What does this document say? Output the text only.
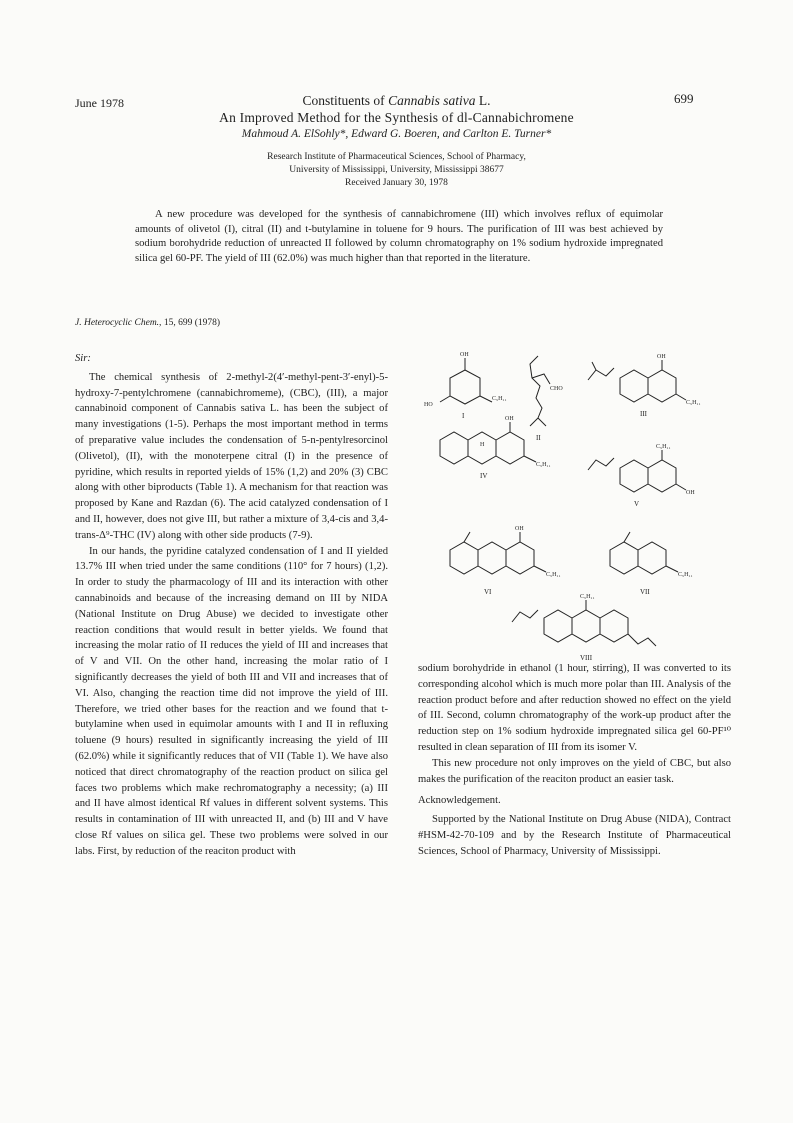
June 1978	699
Constituents of Cannabis sativa L.
An Improved Method for the Synthesis of dl-Cannabichromene
Mahmoud A. ElSohly*, Edward G. Boeren, and Carlton E. Turner*
Research Institute of Pharmaceutical Sciences, School of Pharmacy,
University of Mississippi, University, Mississippi 38677
Received January 30, 1978

A new procedure was developed for the synthesis of cannabichromene (III) which involves reflux of equimolar amounts of olivetol (I), citral (II) and t-butylamine in toluene for 9 hours. The purification of III was best achieved by sodium borohydride reduction of unreacted II followed by column chromatography on 1% sodium hydroxide impregnated silica gel 60-PF. The yield of III (62.0%) was much higher than that reported in the literature.

J. Heterocyclic Chem., 15, 699 (1978)

Sir:

The chemical synthesis of 2-methyl-2(4′-methyl-pent-3′-enyl)-5-hydroxy-7-pentylchromene (cannabichromeme), (CBC), (III), a major cannabinoid component of Cannabis sativa L. has been the subject of many investigations (1-5). Perhaps the most important method in terms of preparative value includes the condensation of 5-n-pentylresorcinol (Olivetol), (II), with the monoterpene citral (I) in the presence of pyridine, which results in reported yields of 15% (1,2) and 20% (3) CBC along with other biproducts (Table 1). A mechanism for that reaction was proposed by Kane and Razdan (6). The acid catalyzed condensation of I and II, however, does not give III, but rather a mixture of 3,4-cis and 3,4-trans-Δ⁹-THC (IV) along with other side products (7-9).

In our hands, the pyridine catalyzed condensation of I and II yielded 13.7% III when tried under the same conditions (110° for 7 hours) (1,2). In order to study the pharmacology of III and its interaction with other cannabinoids and because of the increasing demand on III by NIDA (National Institute on Drug Abuse) we decided to investigate other reaction conditions that would result in better yields. We found that increasing the molar ratio of II reduces the yield of III and increases that of V and VII. On the other hand, increasing the molar ratio of I significantly decreases the yield of both III and VII and increases that of VI. Also, changing the reaction time did not improve the yield of III. Therefore, we tried other bases for the reaction and we found that t-butylamine when used in equimolar amounts with I and II in refluxing toluene (9 hours) resulted in significantly increasing the yield of III (62.0%) while it significantly reduces that of VII (Table 1). We have also noticed that direct chromatography of the reaction product on silica gel faces two problems which make rechromatography a necessity; (a) III and II have almost identical Rf values in different solvent systems. This results in contamination of III with unreacted II, and (b) III and V have close Rf values on silica gel. These two problems were solved in our labs. First, by reduction of the reaciton product with

sodium borohydride in ethanol (1 hour, stirring), II was converted to its corresponding alcohol which is much more polar than III. Analysis of the reaction product before and after reduction showed no effect on the yield of III. Second, column chromatography of the work-up product after the reduction step on 1% sodium hydroxide impregnated silica gel 60-PF¹⁰ resulted in clean separation of III from its isomer V.

This new procedure not only improves on the yield of CBC, but also makes the purification of the reaciton product an easier task.

Acknowledgement.

Supported by the National Institute on Drug Abuse (NIDA), Contract #HSM-42-70-109 and by the Research Institute of Pharmaceutical Sciences, School of Pharmacy, University of Mississippi.

OH
HO
C₅H₁₁
I
CHO
II
OH
C₅H₁₁
III
OH
H
C₅H₁₁
IV
C₅H₁₁
OH
V
OH
C₅H₁₁
VI
C₅H₁₁
VII
C₅H₁₁
VIII
